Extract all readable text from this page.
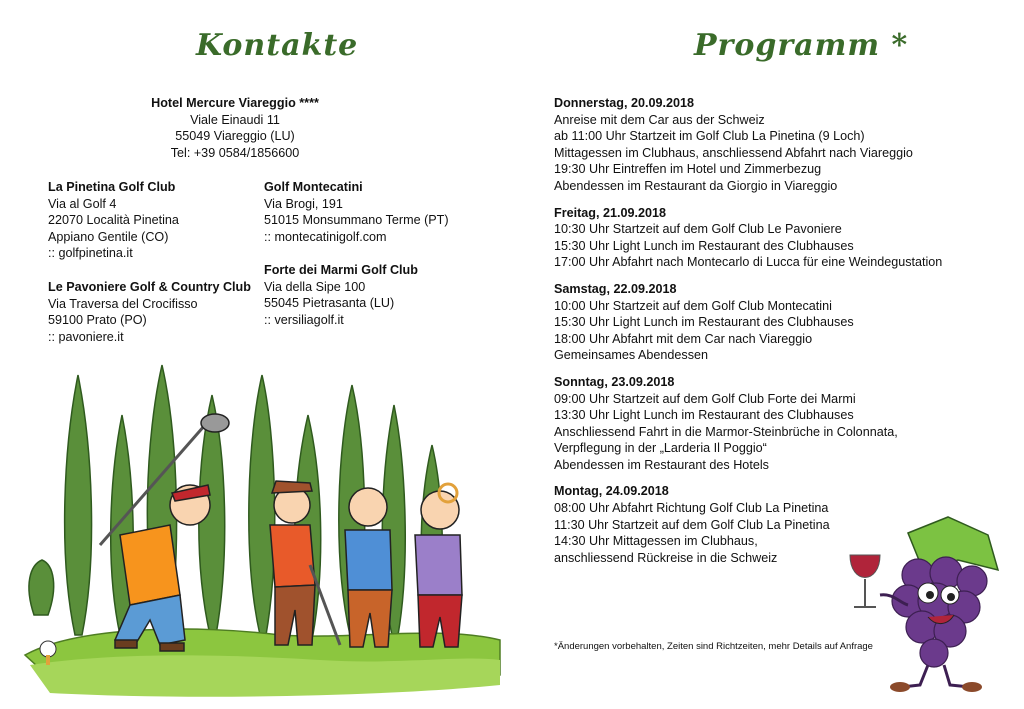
Kontakte	Programm *
Hotel Mercure Viareggio ****
Viale Einaudi 11
55049 Viareggio (LU)
Tel: +39 0584/1856600
La Pinetina Golf Club
Via al Golf 4
22070 Località Pinetina
Appiano Gentile (CO)
:: golfpinetina.it
Le Pavoniere Golf & Country Club
Via Traversa del Crocifisso
59100 Prato (PO)
:: pavoniere.it
Golf Montecatini
Via Brogi, 191
51015 Monsummano Terme (PT)
:: montecatinigolf.com
Forte dei Marmi Golf Club
Via della Sipe 100
55045 Pietrasanta (LU)
:: versiliagolf.it
Donnerstag, 20.09.2018
Anreise mit dem Car aus der Schweiz
ab 11:00 Uhr Startzeit im Golf Club La Pinetina (9 Loch)
Mittagessen im Clubhaus, anschliessend Abfahrt nach Viareggio
19:30 Uhr Eintreffen im Hotel und Zimmerbezug
Abendessen im Restaurant da Giorgio in Viareggio
Freitag, 21.09.2018
10:30 Uhr Startzeit auf dem Golf Club Le Pavoniere
15:30 Uhr Light Lunch im Restaurant des Clubhauses
17:00 Uhr Abfahrt nach Montecarlo di Lucca für eine Weindegustation
Samstag, 22.09.2018
10:00 Uhr Startzeit auf dem Golf Club Montecatini
15:30 Uhr Light Lunch im Restaurant des Clubhauses
18:00 Uhr Abfahrt mit dem Car nach Viareggio
Gemeinsames Abendessen
Sonntag, 23.09.2018
09:00 Uhr Startzeit auf dem Golf Club Forte dei Marmi
13:30 Uhr Light Lunch im Restaurant des Clubhauses
Anschliessend Fahrt in die Marmor-Steinbrüche in Colonnata,
Verpflegung in der „Larderia Il Poggio“
Abendessen im Restaurant des Hotels
Montag, 24.09.2018
08:00 Uhr Abfahrt Richtung Golf Club La Pinetina
11:30 Uhr Startzeit auf dem Golf Club La Pinetina
14:30 Uhr Mittagessen im Clubhaus,
anschliessend Rückreise in die Schweiz
*Änderungen vorbehalten, Zeiten sind Richtzeiten, mehr Details auf Anfrage
